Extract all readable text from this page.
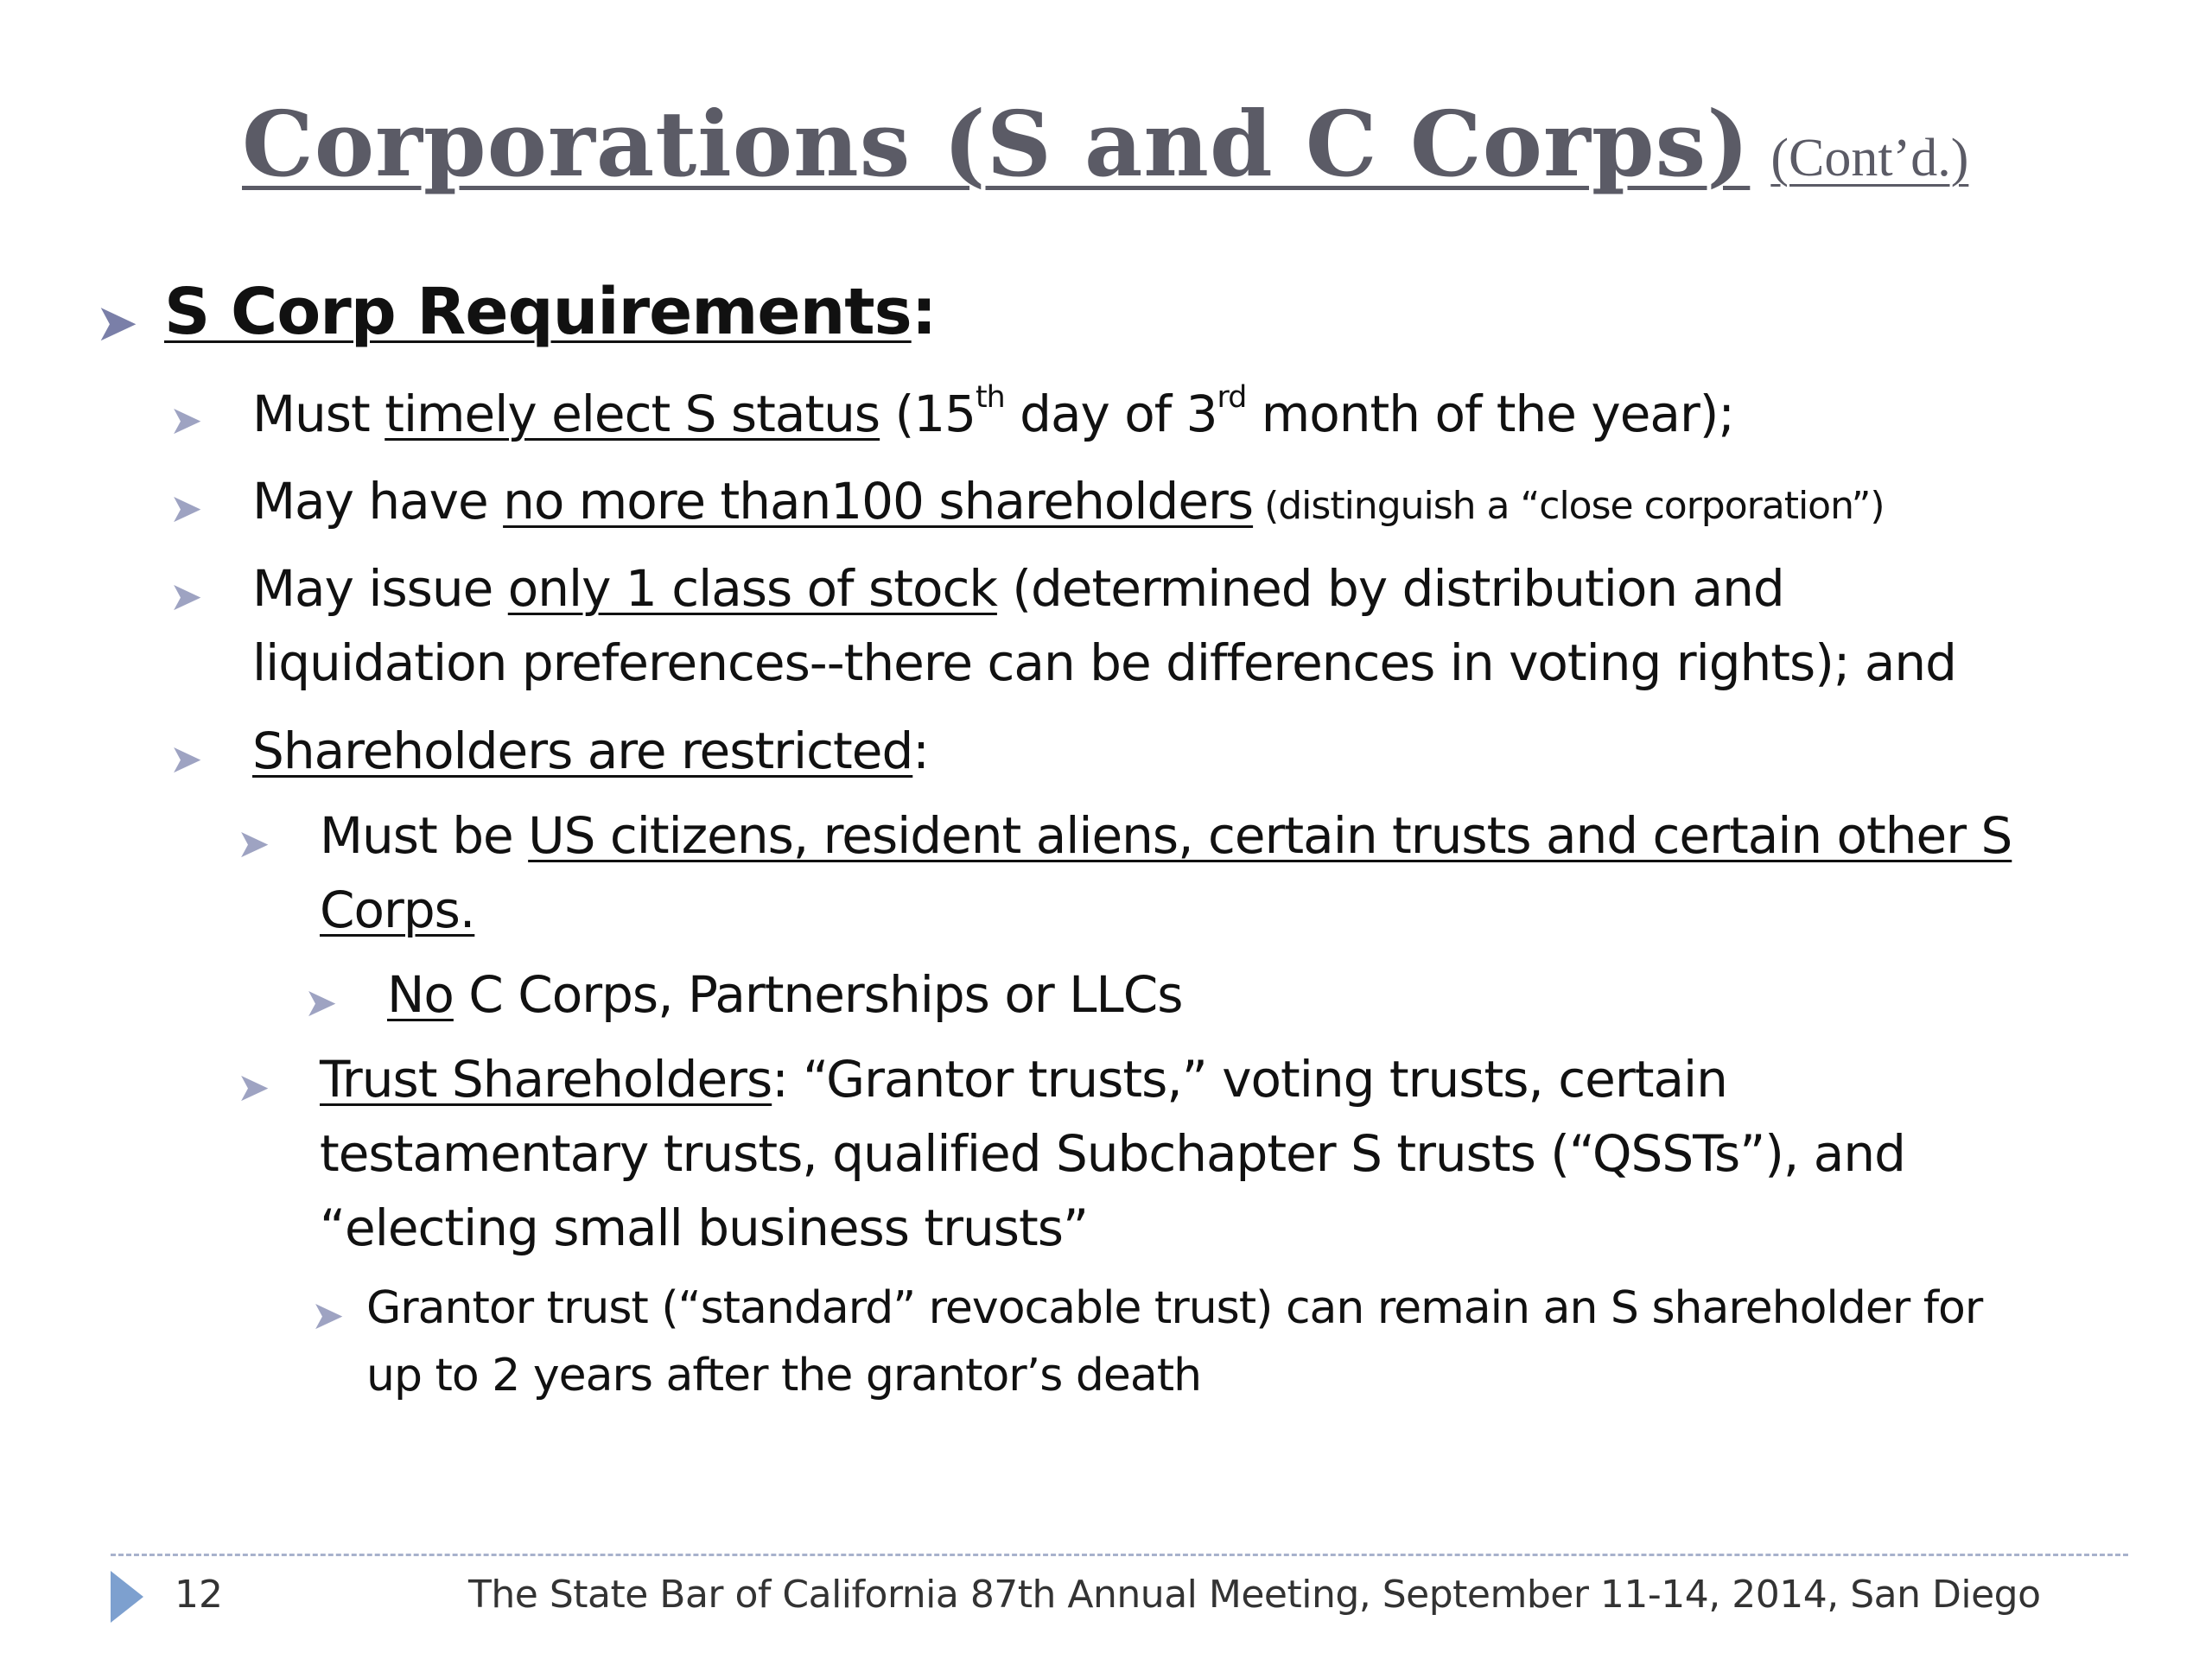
Corporations (S and C Corps) (Cont’d.)
➤ S Corp Requirements:
➤ Must timely elect S status (15th day of 3rd month of the year);
➤ May have no more than100 shareholders (distinguish a “close corporation”)
➤ May issue only 1 class of stock (determined by distribution and
liquidation preferences--there can be differences in voting rights); and
➤ Shareholders are restricted:
➤ Must be US citizens, resident aliens, certain trusts and certain other S
Corps.
➤ No C Corps, Partnerships or LLCs
➤ Trust Shareholders: “Grantor trusts,” voting trusts, certain
testamentary trusts, qualified Subchapter S trusts (“QSSTs”), and
“electing small business trusts”
➤ Grantor trust (“standard” revocable trust) can remain an S shareholder for
up to 2 years after the grantor’s death
12	The State Bar of California 87th Annual Meeting, September 11-14, 2014, San Diego
